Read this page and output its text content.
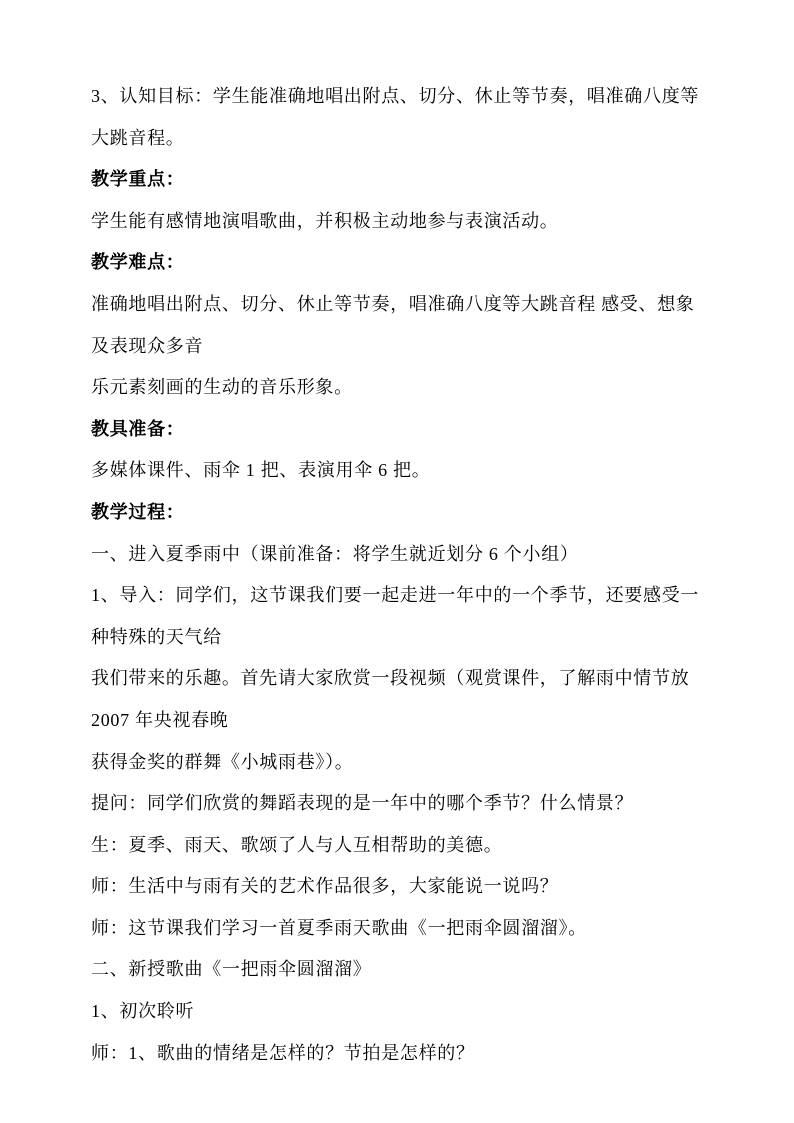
3、认知目标：学生能准确地唱出附点、切分、休止等节奏，唱准确八度等

大跳音程。

教学重点：

学生能有感情地演唱歌曲，并积极主动地参与表演活动。

教学难点：

准确地唱出附点、切分、休止等节奏，唱准确八度等大跳音程 感受、想象

及表现众多音

乐元素刻画的生动的音乐形象。

教具准备：

多媒体课件、雨伞 1 把、表演用伞 6 把。

教学过程：

一、进入夏季雨中（课前准备：将学生就近划分 6 个小组）

1、导入：同学们，这节课我们要一起走进一年中的一个季节，还要感受一

种特殊的天气给

我们带来的乐趣。首先请大家欣赏一段视频（观赏课件，了解雨中情节放

2007 年央视春晚

获得金奖的群舞《小城雨巷》）。

提问：同学们欣赏的舞蹈表现的是一年中的哪个季节？什么情景？

生：夏季、雨天、歌颂了人与人互相帮助的美德。

师：生活中与雨有关的艺术作品很多，大家能说一说吗？

师：这节课我们学习一首夏季雨天歌曲《一把雨伞圆溜溜》。

二、新授歌曲《一把雨伞圆溜溜》

1、初次聆听

师：1、歌曲的情绪是怎样的？节拍是怎样的？
